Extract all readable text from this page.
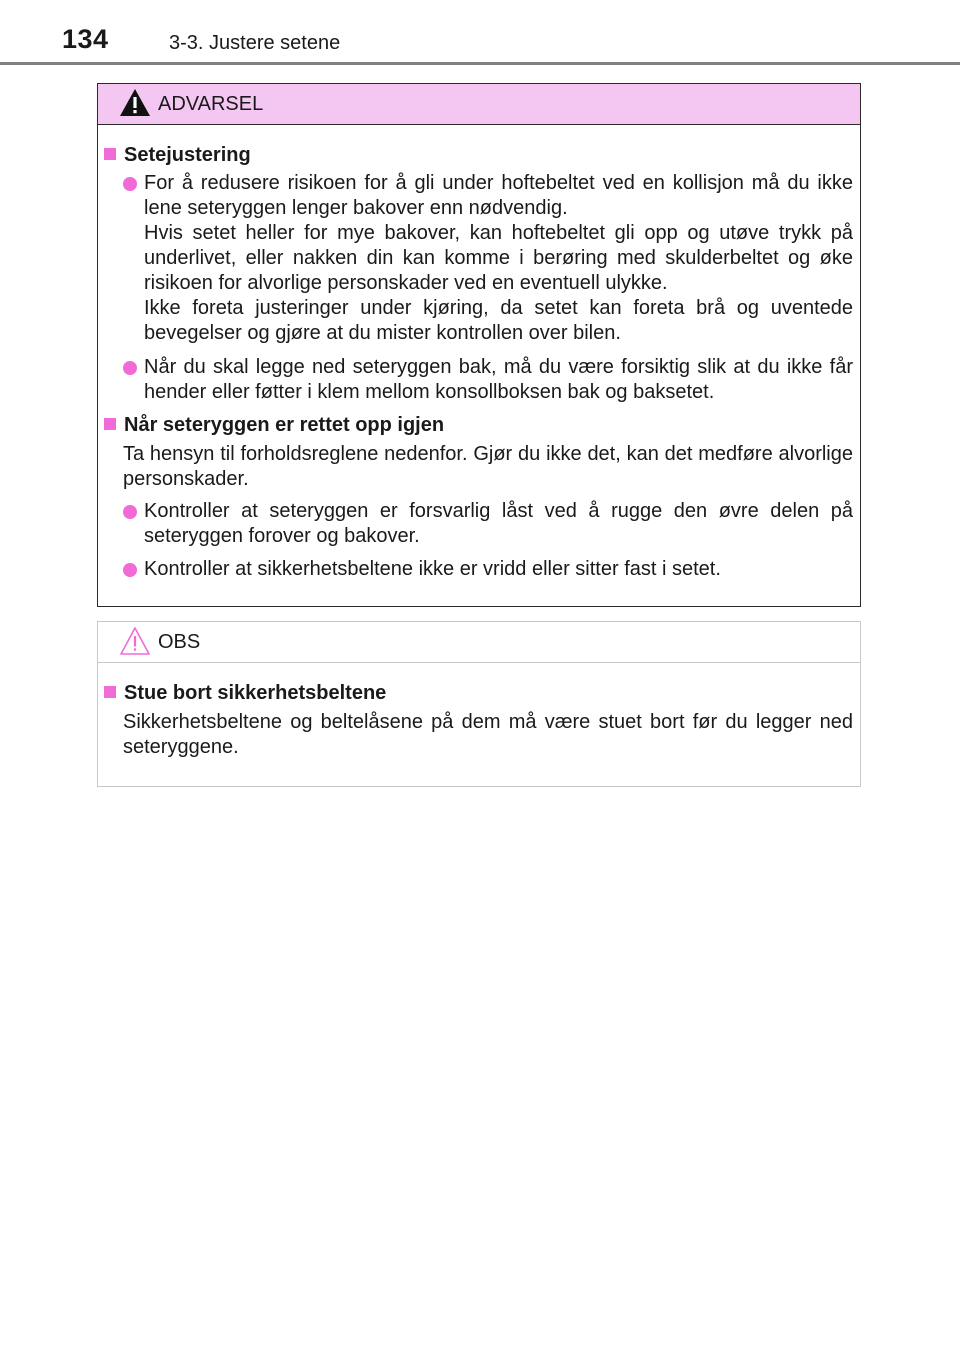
134	3-3. Justere setene
ADVARSEL
Setejustering

For å redusere risikoen for å gli under hoftebeltet ved en kollisjon må du ikke lene seteryggen lenger bakover enn nødvendig.

Hvis setet heller for mye bakover, kan hoftebeltet gli opp og utøve trykk på underlivet, eller nakken din kan komme i berøring med skulderbeltet og øke risikoen for alvorlige personskader ved en eventuell ulykke.

Ikke foreta justeringer under kjøring, da setet kan foreta brå og uventede bevegelser og gjøre at du mister kontrollen over bilen.

Når du skal legge ned seteryggen bak, må du være forsiktig slik at du ikke får hender eller føtter i klem mellom konsollboksen bak og baksetet.

Når seteryggen er rettet opp igjen

Ta hensyn til forholdsreglene nedenfor. Gjør du ikke det, kan det medføre alvorlige personskader.

Kontroller at seteryggen er forsvarlig låst ved å rugge den øvre delen på seteryggen forover og bakover.

Kontroller at sikkerhetsbeltene ikke er vridd eller sitter fast i setet.

OBS
Stue bort sikkerhetsbeltene

Sikkerhetsbeltene og beltelåsene på dem må være stuet bort før du legger ned seteryggene.
